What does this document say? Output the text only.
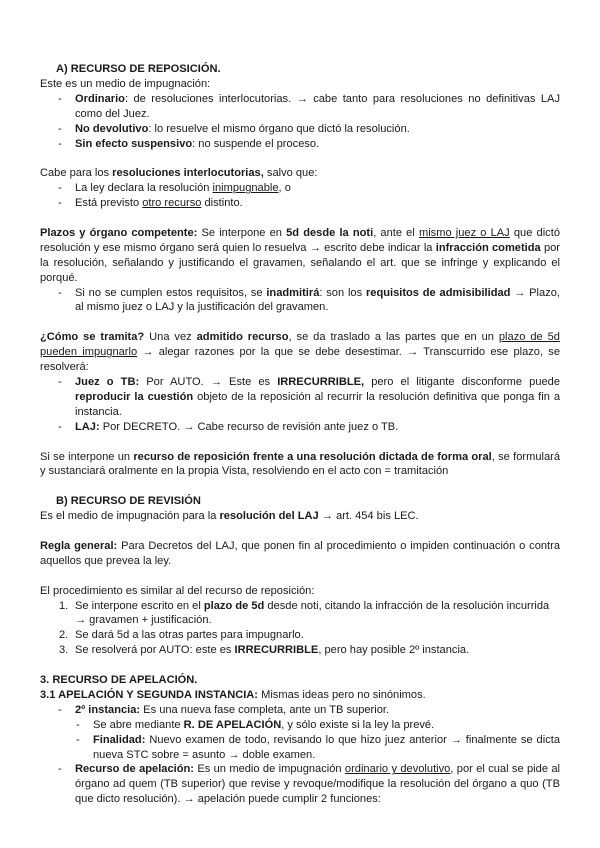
A) RECURSO DE REPOSICIÓN.

Este es un medio de impugnación:

- Ordinario: de resoluciones interlocutorias. → cabe tanto para resoluciones no definitivas LAJ como del Juez.
- No devolutivo: lo resuelve el mismo órgano que dictó la resolución.
- Sin efecto suspensivo: no suspende el proceso.

Cabe para los resoluciones interlocutorias, salvo que:

- La ley declara la resolución inimpugnable, o
- Está previsto otro recurso distinto.

Plazos y órgano competente: Se interpone en 5d desde la noti, ante el mismo juez o LAJ que dictó resolución y ese mismo órgano será quien lo resuelva → escrito debe indicar la infracción cometida por la resolución, señalando y justificando el gravamen, señalando el art. que se infringe y explicando el porqué.

- Si no se cumplen estos requisitos, se inadmitirá: son los requisitos de admisibilidad → Plazo, al mismo juez o LAJ y la justificación del gravamen.

¿Cómo se tramita? Una vez admitido recurso, se da traslado a las partes que en un plazo de 5d pueden impugnarlo → alegar razones por la que se debe desestimar. → Transcurrido ese plazo, se resolverá:

- Juez o TB: Por AUTO. → Este es IRRECURRIBLE, pero el litigante disconforme puede reproducir la cuestión objeto de la reposición al recurrir la resolución definitiva que ponga fin a instancia.
- LAJ: Por DECRETO. → Cabe recurso de revisión ante juez o TB.

Si se interpone un recurso de reposición frente a una resolución dictada de forma oral, se formulará y sustanciará oralmente en la propia Vista, resolviendo en el acto con = tramitación

B) RECURSO DE REVISIÓN

Es el medio de impugnación para la resolución del LAJ → art. 454 bis LEC.

Regla general: Para Decretos del LAJ, que ponen fin al procedimiento o impiden continuación o contra aquellos que prevea la ley.

El procedimiento es similar al del recurso de reposición:

1. Se interpone escrito en el plazo de 5d desde noti, citando la infracción de la resolución incurrida → gravamen + justificación.
2. Se dará 5d a las otras partes para impugnarlo.
3. Se resolverá por AUTO: este es IRRECURRIBLE, pero hay posible 2º instancia.

3. RECURSO DE APELACIÓN.

3.1 APELACIÓN Y SEGUNDA INSTANCIA: Mismas ideas pero no sinónimos.

- 2º instancia: Es una nueva fase completa, ante un TB superior.
- Se abre mediante R. DE APELACIÓN, y sólo existe si la ley la prevé.
- Finalidad: Nuevo examen de todo, revisando lo que hizo juez anterior → finalmente se dicta nueva STC sobre = asunto → doble examen.
- Recurso de apelación: Es un medio de impugnación ordinario y devolutivo, por el cual se pide al órgano ad quem (TB superior) que revise y revoque/modifique la resolución del órgano a quo (TB que dicto resolución). → apelación puede cumplir 2 funciones:
